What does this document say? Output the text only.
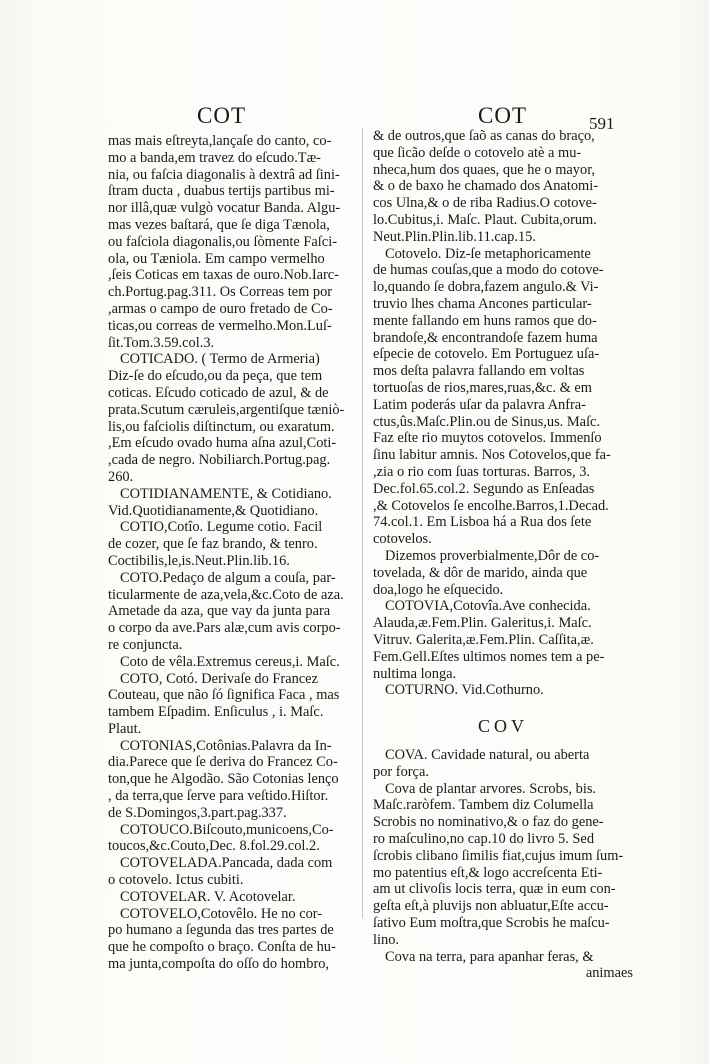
COT	COT	591
mas mais eſtreyta,lançaſe do canto, co-
mo a banda,em travez do eſcudo.Tæ-
nia, ou faſcia diagonalis à dextrâ ad ſini-
ſtram ducta , duabus tertijs partibus mi-
nor illâ,quæ vulgò vocatur Banda. Algu-
mas vezes baſtará, que ſe diga Tænola,
ou faſciola diagonalis,ou ſòmente Faſci-
ola, ou Tæniola. Em campo vermelho
,ſeis Coticas em taxas de ouro.Nob.Iarc-
ch.Portug.pag.311. Os Correas tem por
,armas o campo de ouro fretado de Co-
ticas,ou correas de vermelho.Mon.Luſ-
ſit.Tom.3.59.col.3.
COTICADO. ( Termo de Armeria)
Diz-ſe do eſcudo,ou da peça, que tem
coticas. Eſcudo coticado de azul, & de
prata.Scutum cæruleis,argentiſque tæniò-
lis,ou faſciolis diſtinctum, ou exaratum.
,Em eſcudo ovado huma aſna azul,Coti-
,cada de negro. Nobiliarch.Portug.pag.
260.
COTIDIANAMENTE, & Cotidiano.
Vid.Quotidianamente,& Quotidiano.
COTIO,Cotîo. Legume cotio. Facil
de cozer, que ſe faz brando, & tenro.
Coctibilis,le,is.Neut.Plin.lib.16.
COTO.Pedaço de algum a couſa, par-
ticularmente de aza,vela,&c.Coto de aza.
Ametade da aza, que vay da junta para
o corpo da ave.Pars alæ,cum avis corpo-
re conjuncta.
Coto de vêla.Extremus cereus,i. Maſc.
COTO, Cotó. Derivaſe do Francez
Couteau, que não ſó ſignifica Faca , mas
tambem Eſpadim. Enſiculus , i. Maſc.
Plaut.
COTONIAS,Cotônias.Palavra da In-
dia.Parece que ſe deriva do Francez Co-
ton,que he Algodão. São Cotonias lenço
, da terra,que ſerve para veſtido.Hiſtor.
de S.Domingos,3.part.pag.337.
COTOUCO.Biſcouto,municoens,Co-
toucos,&c.Couto,Dec. 8.fol.29.col.2.
COTOVELADA.Pancada, dada com
o cotovelo. Ictus cubiti.
COTOVELAR. V. Acotovelar.
COTOVELO,Cotovêlo. He no cor-
po humano a ſegunda das tres partes de
que he compoſto o braço. Conſta de hu-
ma junta,compoſta do oſſo do hombro,
& de outros,que ſaõ as canas do braço,
que ſicão deſde o cotovelo atè a mu-
nheca,hum dos quaes, que he o mayor,
& o de baxo he chamado dos Anatomi-
cos Ulna,& o de riba Radius.O cotove-
lo.Cubitus,i. Maſc. Plaut. Cubita,orum.
Neut.Plin.Plin.lib.11.cap.15.
Cotovelo. Diz-ſe metaphoricamente
de humas couſas,que a modo do cotove-
lo,quando ſe dobra,fazem angulo.& Vi-
truvio lhes chama Ancones particular-
mente fallando em huns ramos que do-
brandoſe,& encontrandoſe fazem huma
eſpecie de cotovelo. Em Portuguez uſa-
mos deſta palavra fallando em voltas
tortuoſas de rios,mares,ruas,&c. & em
Latim poderás uſar da palavra Anfra-
ctus,ûs.Maſc.Plin.ou de Sinus,us. Maſc.
Faz eſte rio muytos cotovelos. Immenſo
ſinu labitur amnis. Nos Cotovelos,que fa-
,zia o rio com ſuas torturas. Barros, 3.
Dec.fol.65.col.2. Segundo as Enſeadas
,& Cotovelos ſe encolhe.Barros,1.Decad.
74.col.1. Em Lisboa há a Rua dos ſete
cotovelos.
Dizemos proverbialmente,Dôr de co-
tovelada, & dôr de marido, ainda que
doa,logo he eſquecido.
COTOVIA,Cotovîa.Ave conhecida.
Alauda,æ.Fem.Plin. Galeritus,i. Maſc.
Vitruv. Galerita,æ.Fem.Plin. Caſſita,æ.
Fem.Gell.Eſtes ultimos nomes tem a pe-
nultima longa.
COTURNO. Vid.Cothurno.
COV
COVA. Cavidade natural, ou aberta
por força.
Cova de plantar arvores. Scrobs, bis.
Maſc.raròfem. Tambem diz Columella
Scrobis no nominativo,& o faz do gene-
ro maſculino,no cap.10 do livro 5. Sed
ſcrobis clibano ſimilis fiat,cujus imum ſum-
mo patentius eſt,& logo accreſcenta Eti-
am ut clivoſis locis terra, quæ in eum con-
geſta eſt,à pluvijs non abluatur,Eſte accu-
ſativo Eum moſtra,que Scrobis he maſcu-
lino.
Cova na terra, para apanhar feras, &
animaes
